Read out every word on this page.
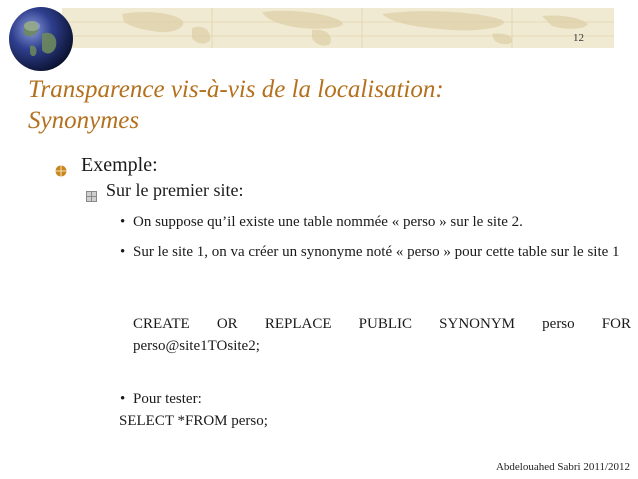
12
Transparence vis-à-vis de la localisation:
Synonymes
Exemple:
Sur le premier site:
• On suppose qu’il existe une table nommée « perso » sur le site 2.
• Sur le site 1, on va créer un synonyme noté « perso » pour cette table sur le site 1
CREATE OR REPLACE PUBLIC SYNONYM perso FOR
perso@site1TOsite2;
• Pour tester:
SELECT *FROM perso;
Abdelouahed Sabri 2011/2012
